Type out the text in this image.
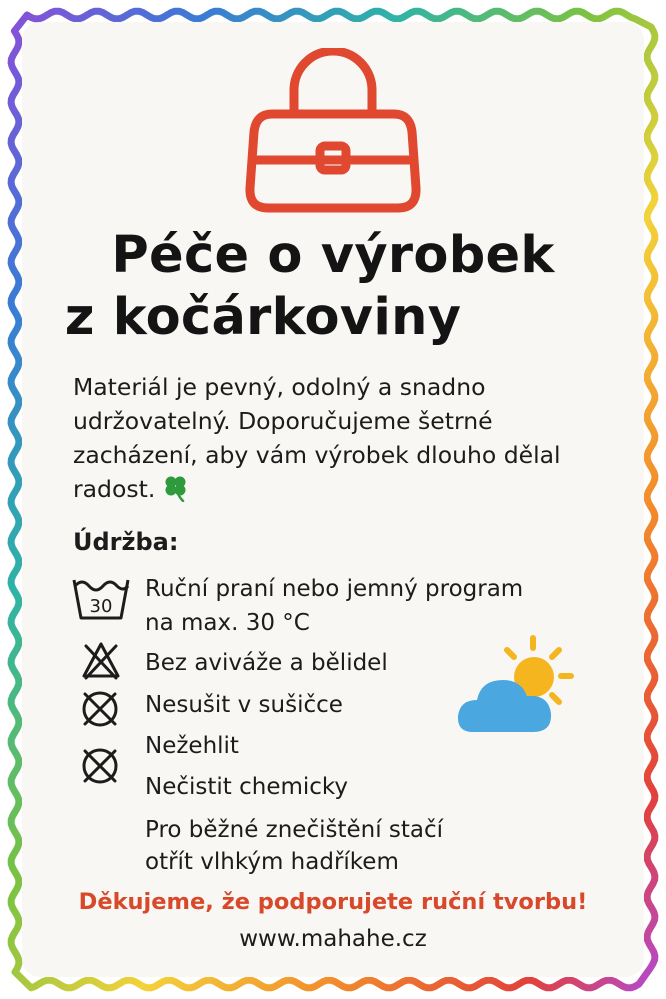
Péče o výrobek
z kočárkoviny

Materiál je pevný, odolný a snadno
udržovatelný. Doporučujeme šetrné
zacházení, aby vám výrobek dlouho dělal
radost.

Údržba:

30

Ruční praní nebo jemný program

na max. 30 °C

Bez aviváže a bělidel

Nesušit v sušičce

Nežehlit

Nečistit chemicky

Pro běžné znečištění stačí

otřít vlhkým hadříkem

Děkujeme, že podporujete ruční tvorbu!

www.mahahe.cz
